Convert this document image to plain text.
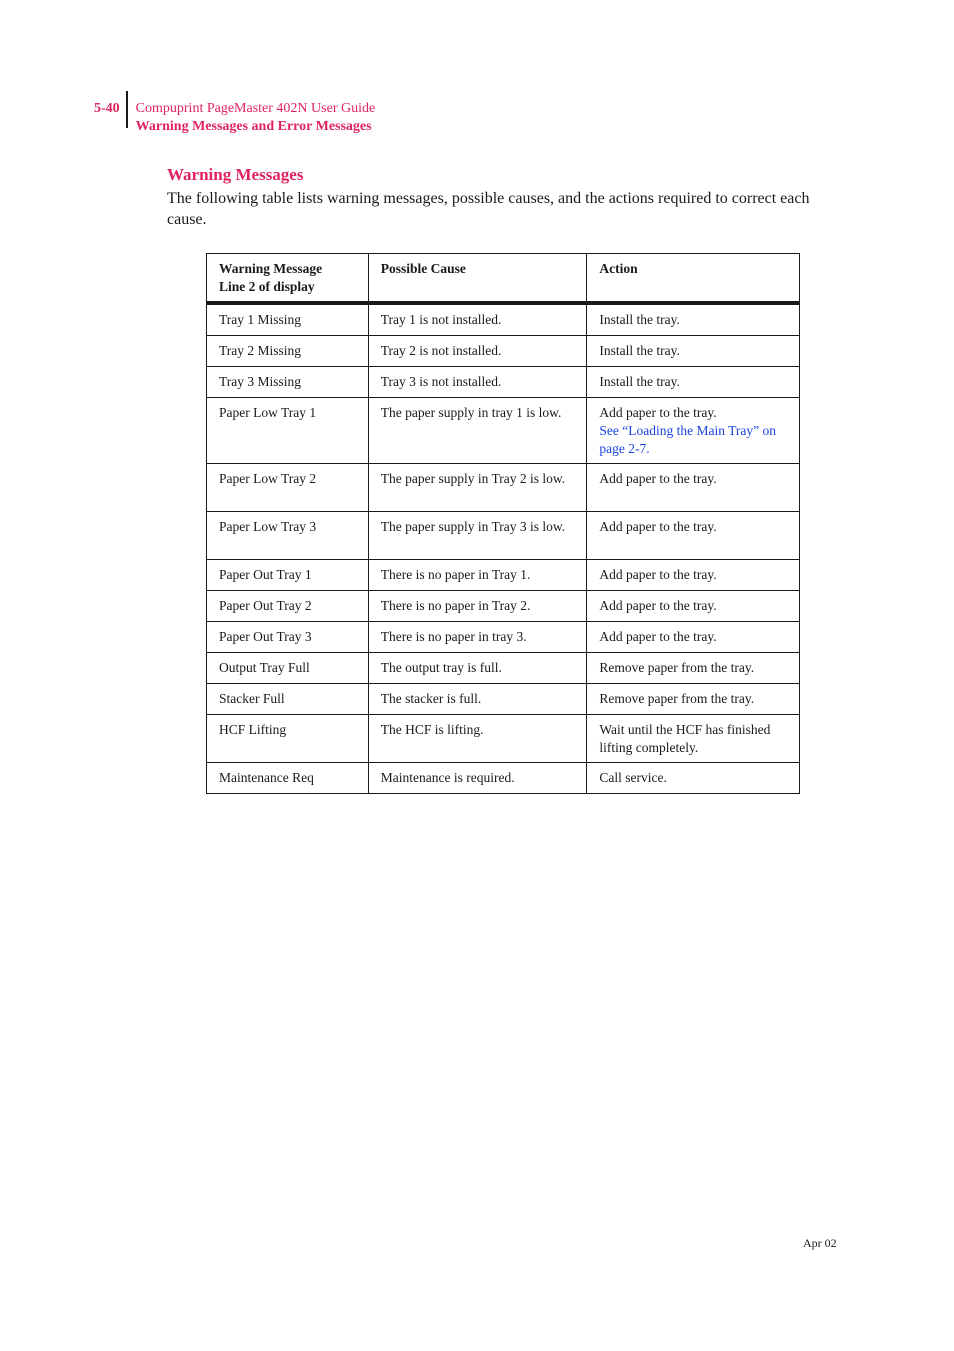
5-40 Compuprint PageMaster 402N User Guide
Warning Messages and Error Messages
Warning Messages

The following table lists warning messages, possible causes, and the actions required to correct each cause.

Warning Message
Line 2 of display	Possible Cause	Action
Tray 1 Missing	Tray 1 is not installed.	Install the tray.
Tray 2 Missing	Tray 2 is not installed.	Install the tray.
Tray 3 Missing	Tray 3 is not installed.	Install the tray.
Paper Low Tray 1	The paper supply in tray 1 is low.	Add paper to the tray.
See “Loading the Main Tray” on page 2-7.
Paper Low Tray 2	The paper supply in Tray 2 is low.	Add paper to the tray.
Paper Low Tray 3	The paper supply in Tray 3 is low.	Add paper to the tray.
Paper Out Tray 1	There is no paper in Tray 1.	Add paper to the tray.
Paper Out Tray 2	There is no paper in Tray 2.	Add paper to the tray.
Paper Out Tray 3	There is no paper in tray 3.	Add paper to the tray.
Output Tray Full	The output tray is full.	Remove paper from the tray.
Stacker Full	The stacker is full.	Remove paper from the tray.
HCF Lifting	The HCF is lifting.	Wait until the HCF has finished lifting completely.
Maintenance Req	Maintenance is required.	Call service.
Apr 02
